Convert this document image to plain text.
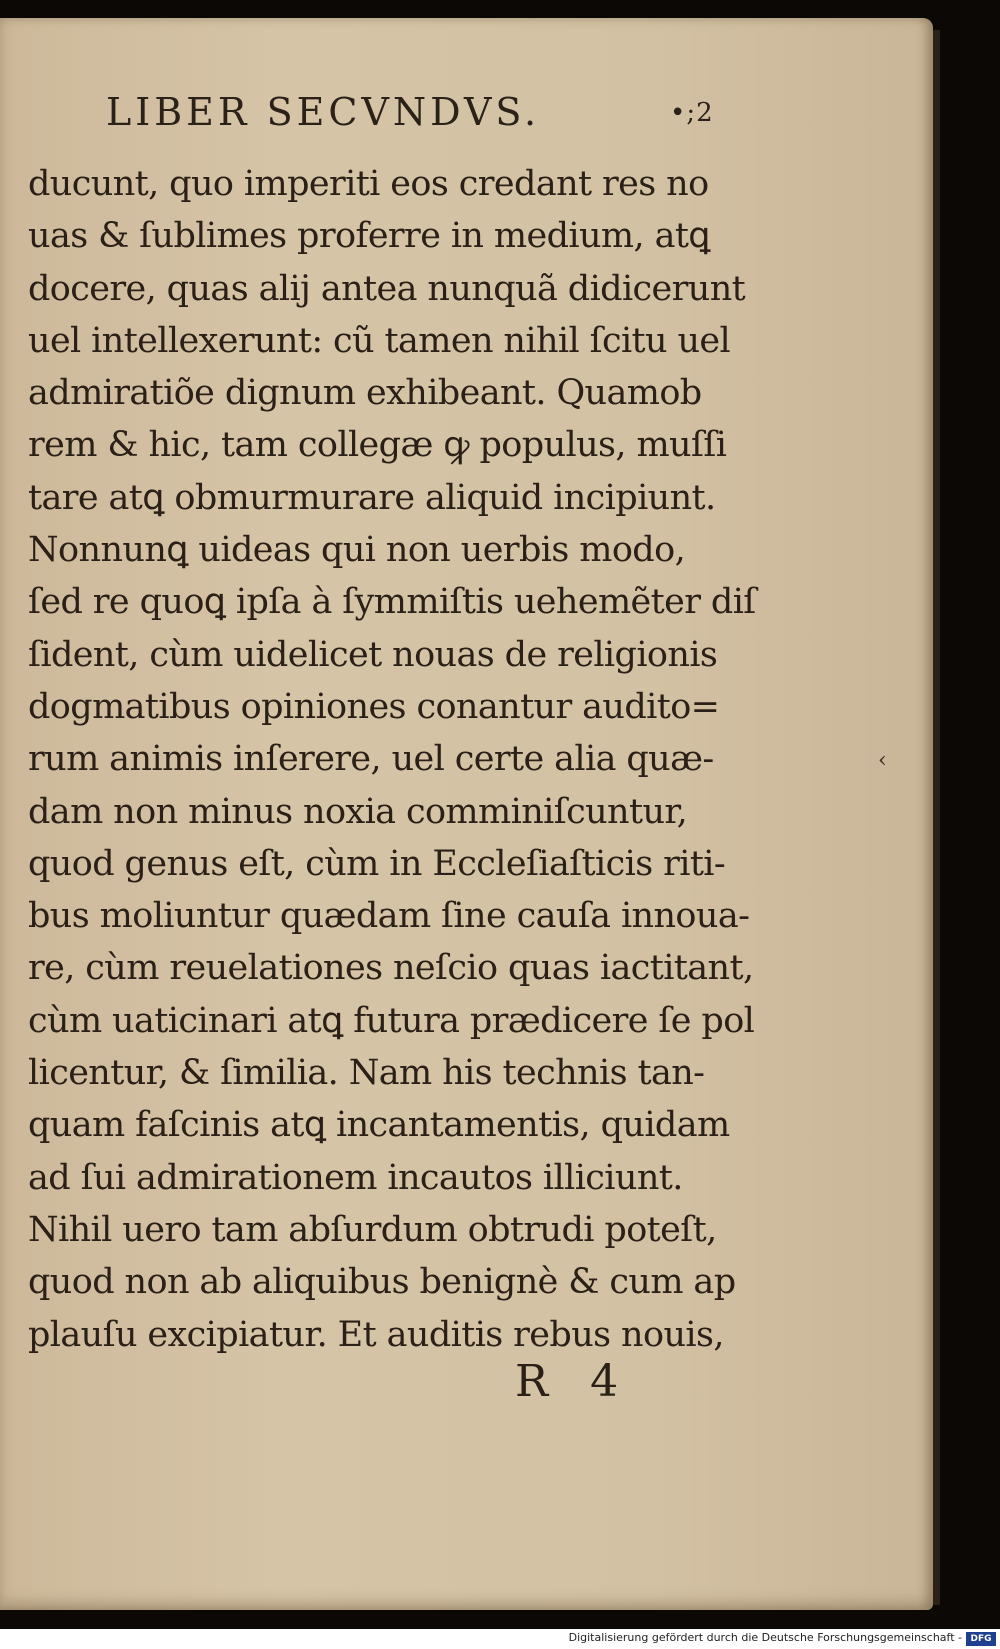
LIBER SECVNDVS.	•;2
ducunt, quo imperiti eos credant res no
uas & ſublimes proferre in medium, atꝗ
docere, quas alij antea nunquã didicerunt
uel intellexerunt: cũ tamen nihil ſcitu uel
admiratiõe dignum exhibeant. Quamob
rem & hic, tam collegæ ꝙ populus, muſſi
tare atꝗ obmurmurare aliquid incipiunt.
Nonnunꝗ uideas qui non uerbis modo,
ſed re quoꝗ ipſa à ſymmiſtis uehemẽter diſ
ſident, cùm uidelicet nouas de religionis
dogmatibus opiniones conantur audito=
rum animis inſerere, uel certe alia quæ-
dam non minus noxia comminiſcuntur,
quod genus eſt, cùm in Eccleſiaſticis riti-
bus moliuntur quædam ſine cauſa innoua-
re, cùm reuelationes neſcio quas iactitant,
cùm uaticinari atꝗ futura prædicere ſe pol
licentur, & ſimilia. Nam his technis tan-
quam faſcinis atꝗ incantamentis, quidam
ad ſui admirationem incautos illiciunt.
Nihil uero tam abſurdum obtrudi poteſt,
quod non ab aliquibus benignè & cum ap
plauſu excipiatur. Et auditis rebus nouis,
R 4
‹
Digitalisierung gefördert durch die Deutsche Forschungsgemeinschaft - DFG
